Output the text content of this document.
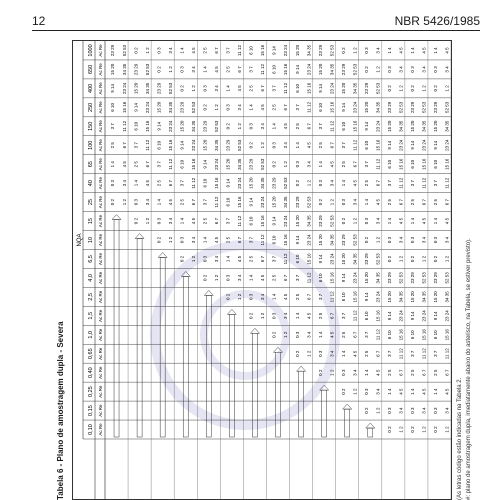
12	NBR 5426/1985
Tabela 6 - Plano de amostragem dupla - Severa
NQA
0,10 Ac Re
0,15 Ac Re
0,25 Ac Re
0,40 Ac Re
0,65 Ac Re
1,0 Ac Re
1,5 Ac Re
2,5 Ac Re
4,0 Ac Re
6,5 Ac Re
10 Ac Re
15 Ac Re
25 Ac Re
40 Ac Re
65 Ac Re
100 Ac Re
150 Ac Re
250 Ac Re
400 Ac Re
650 Ac Re
1000 Ac Re
0 2 1 2
0 3 3 4
1 4 4 5
2 5 6 7
3 7 11 12
6 10 15 16
9 14 23 24
15 20 34 35
23 29 52 53
0 2 1 2
0 3 3 4
1 4 4 5
2 5 6 7
3 7 11 12
6 10 15 16
9 14 23 24
15 20 34 35
23 29 52 53
0 2 1 2
0 2 1 2
0 3 3 4
1 4 4 5
2 5 6 7
3 7 11 12
6 10 15 16
9 14 23 24
15 20 34 35
23 29 52 53
0 2 1 2
0 3 3 4
0 2 1 2
0 3 3 4
1 4 4 5
2 5 6 7
3 7 11 12
6 10 15 16
9 14 23 24
15 20 34 35
23 29 52 53
0 2 1 2
0 3 3 4
1 4 4 5
0 2 1 2
0 3 3 4
1 4 4 5
2 5 6 7
3 7 11 12
6 10 15 16
9 14 23 24
15 20 34 35
23 29 52 53
0 2 1 2
0 3 3 4
1 4 4 5
2 5 6 7
0 2 1 2
0 3 3 4
1 4 4 5
2 5 6 7
3 7 11 12
6 10 15 16
9 14 23 24
15 20 34 35
23 29 52 53
0 2 1 2
0 3 3 4
1 4 4 5
2 5 6 7
3 7 11 12
0 2 1 2
0 3 3 4
1 4 4 5
2 5 6 7
3 7 11 12
6 10 15 16
9 14 23 24
15 20 34 35
23 29 52 53
0 2 1 2
0 3 3 4
1 4 4 5
2 5 6 7
3 7 11 12
6 10 15 16
0 2 1 2
0 3 3 4
1 4 4 5
2 5 6 7
3 7 11 12
6 10 15 16
9 14 23 24
15 20 34 35
23 29 52 53
0 2 1 2
0 3 3 4
1 4 4 5
2 5 6 7
3 7 11 12
6 10 15 16
9 14 23 24
0 2 1 2
0 3 3 4
1 4 4 5
2 5 6 7
3 7 11 12
6 10 15 16
9 14 23 24
15 20 34 35
23 29 52 53
0 2 1 2
0 3 3 4
1 4 4 5
2 5 6 7
3 7 11 12
6 10 15 16
9 14 23 24
15 20 34 35
0 2 1 2
0 3 3 4
1 4 4 5
2 5 6 7
3 7 11 12
6 10 15 16
9 14 23 24
15 20 34 35
23 29 52 53
0 2 1 2
0 3 3 4
1 4 4 5
2 5 6 7
3 7 11 12
6 10 15 16
9 14 23 24
15 20 34 35
23 29 52 53
0 2 1 2
0 3 3 4
1 4 4 5
2 5 6 7
3 7 11 12
6 10 15 16
9 14 23 24
15 20 34 35
23 29 52 53
0 2 1 2
0 3 3 4
1 4 4 5
2 5 6 7
3 7 11 12
6 10 15 16
9 14 23 24
15 20 34 35
23 29 52 53
0 2 1 2
0 2 1 2
0 3 3 4
1 4 4 5
2 5 6 7
3 7 11 12
6 10 15 16
9 14 23 24
15 20 34 35
23 29 52 53
0 2 1 2
0 3 3 4
1 4 4 5
2 5 6 7
3 7 11 12
6 10 15 16
9 14 23 24
15 20 34 35
23 29 52 53
0 2 1 2
0 3 3 4
0 2 1 2
0 3 3 4
1 4 4 5
2 5 6 7
3 7 11 12
6 10 15 16
9 14 23 24
15 20 34 35
23 29 52 53
0 2 1 2
0 3 3 4
1 4 4 5
2 5 6 7
3 7 11 12
6 10 15 16
9 14 23 24
15 20 34 35
23 29 52 53
0 2 1 2
0 3 3 4
1 4 4 5
0 2 1 2
0 3 3 4
1 4 4 5
2 5 6 7
3 7 11 12
6 10 15 16
9 14 23 24
15 20 34 35
23 29 52 53
0 2 1 2
0 3 3 4
1 4 4 5
2 5 6 7
3 7 11 12
6 10 15 16
9 14 23 24
15 20 34 35
23 29 52 53
0 2 1 2
0 3 3 4
1 4 4 5
0 2 1 2
0 3 3 4
1 4 4 5
2 5 6 7
3 7 11 12
6 10 15 16
9 14 23 24
15 20 34 35
23 29 52 53
0 2 1 2
0 3 3 4
1 4 4 5
2 5 6 7
3 7 11 12
6 10 15 16
9 14 23 24
15 20 34 35
23 29 52 53
0 2 1 2
0 3 3 4
1 4 4 5
(As letras código estão indicadas na Tabela 2. #: plano de amostragem dupla, imediatamente abaixo do asterisco, na Tabela, se estiver previsto).
